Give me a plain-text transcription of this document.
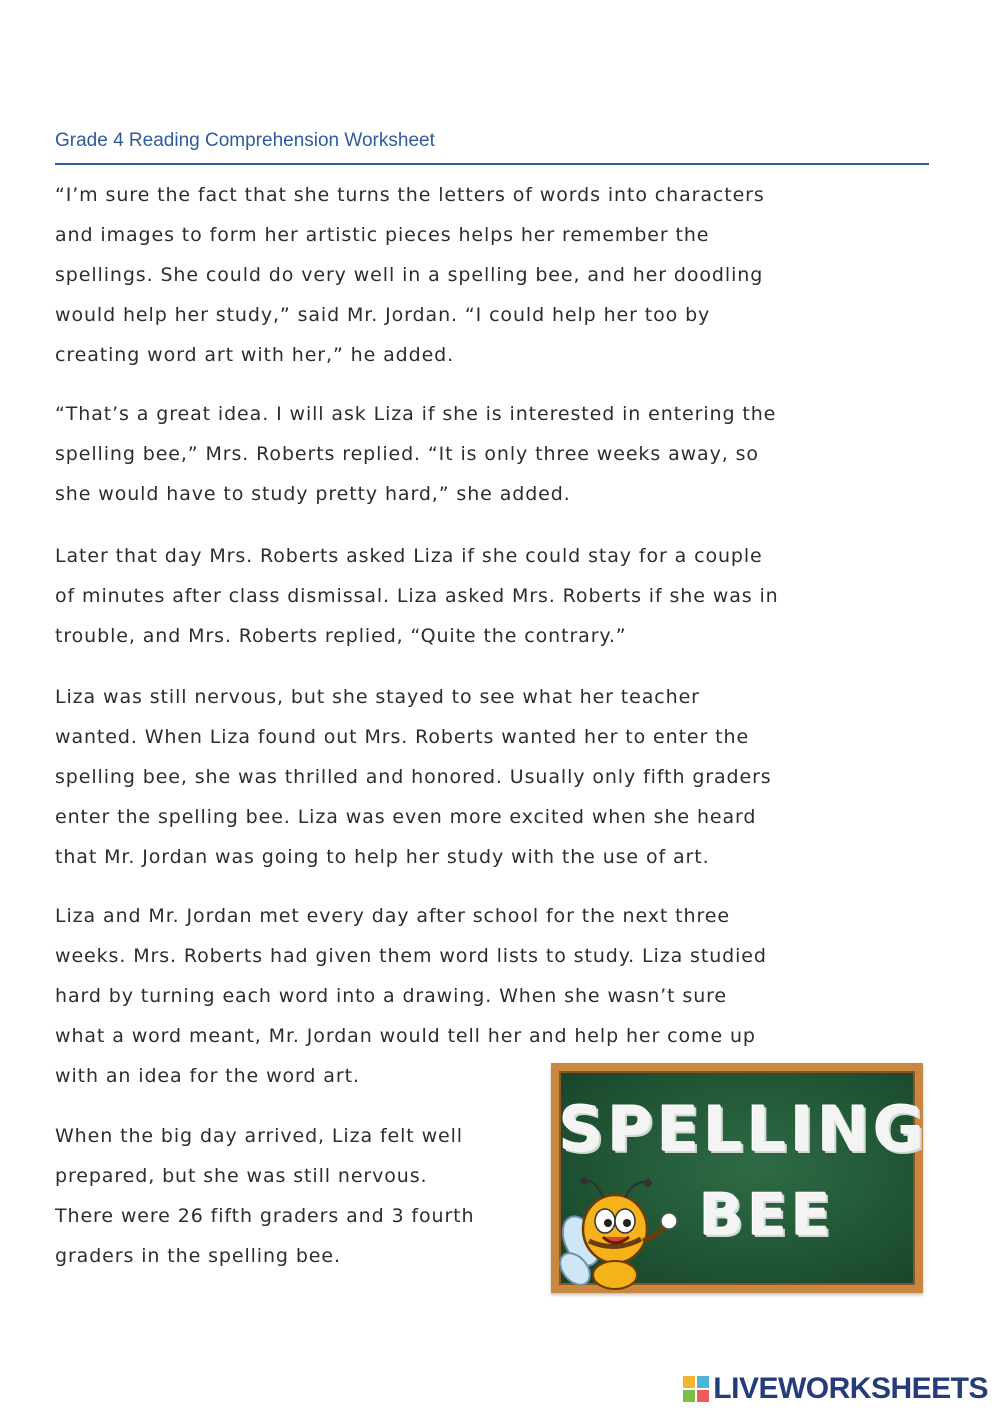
Grade 4 Reading Comprehension Worksheet
“I’m sure the fact that she turns the letters of words into characters
and images to form her artistic pieces helps her remember the
spellings. She could do very well in a spelling bee, and her doodling
would help her study,” said Mr. Jordan. “I could help her too by
creating word art with her,” he added.
“That’s a great idea. I will ask Liza if she is interested in entering the
spelling bee,” Mrs. Roberts replied. “It is only three weeks away, so
she would have to study pretty hard,” she added.
Later that day Mrs. Roberts asked Liza if she could stay for a couple
of minutes after class dismissal. Liza asked Mrs. Roberts if she was in
trouble, and Mrs. Roberts replied, “Quite the contrary.”
Liza was still nervous, but she stayed to see what her teacher
wanted. When Liza found out Mrs. Roberts wanted her to enter the
spelling bee, she was thrilled and honored. Usually only fifth graders
enter the spelling bee. Liza was even more excited when she heard
that Mr. Jordan was going to help her study with the use of art.
Liza and Mr. Jordan met every day after school for the next three
weeks. Mrs. Roberts had given them word lists to study. Liza studied
hard by turning each word into a drawing. When she wasn’t sure
what a word meant, Mr. Jordan would tell her and help her come up
with an idea for the word art.
When the big day arrived, Liza felt well
prepared, but she was still nervous.
There were 26 fifth graders and 3 fourth
graders in the spelling bee.
SPELLING
BEE
LIVEWORKSHEETS
